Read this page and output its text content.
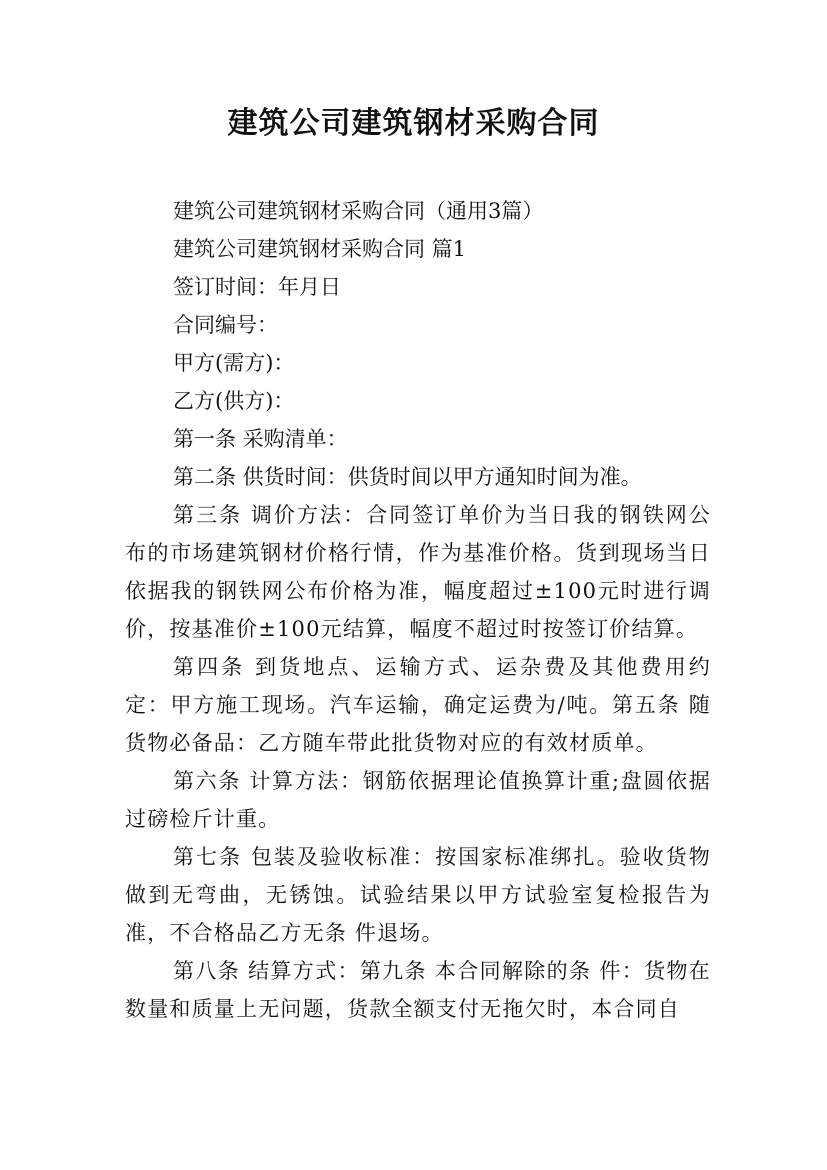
建筑公司建筑钢材采购合同

建筑公司建筑钢材采购合同（通用3篇）

建筑公司建筑钢材采购合同 篇1

签订时间：年月日

合同编号：

甲方(需方)：

乙方(供方)：

第一条 采购清单：

第二条 供货时间：供货时间以甲方通知时间为准。

第三条 调价方法：合同签订单价为当日我的钢铁网公布的市场建筑钢材价格行情，作为基准价格。货到现场当日依据我的钢铁网公布价格为准，幅度超过±100元时进行调价，按基准价±100元结算，幅度不超过时按签订价结算。

第四条 到货地点、运输方式、运杂费及其他费用约定：甲方施工现场。汽车运输，确定运费为/吨。第五条 随货物必备品：乙方随车带此批货物对应的有效材质单。

第六条 计算方法：钢筋依据理论值换算计重;盘圆依据过磅检斤计重。

第七条 包装及验收标准：按国家标准绑扎。验收货物做到无弯曲，无锈蚀。试验结果以甲方试验室复检报告为准，不合格品乙方无条 件退场。

第八条 结算方式：第九条 本合同解除的条 件：货物在数量和质量上无问题，货款全额支付无拖欠时，本合同自
